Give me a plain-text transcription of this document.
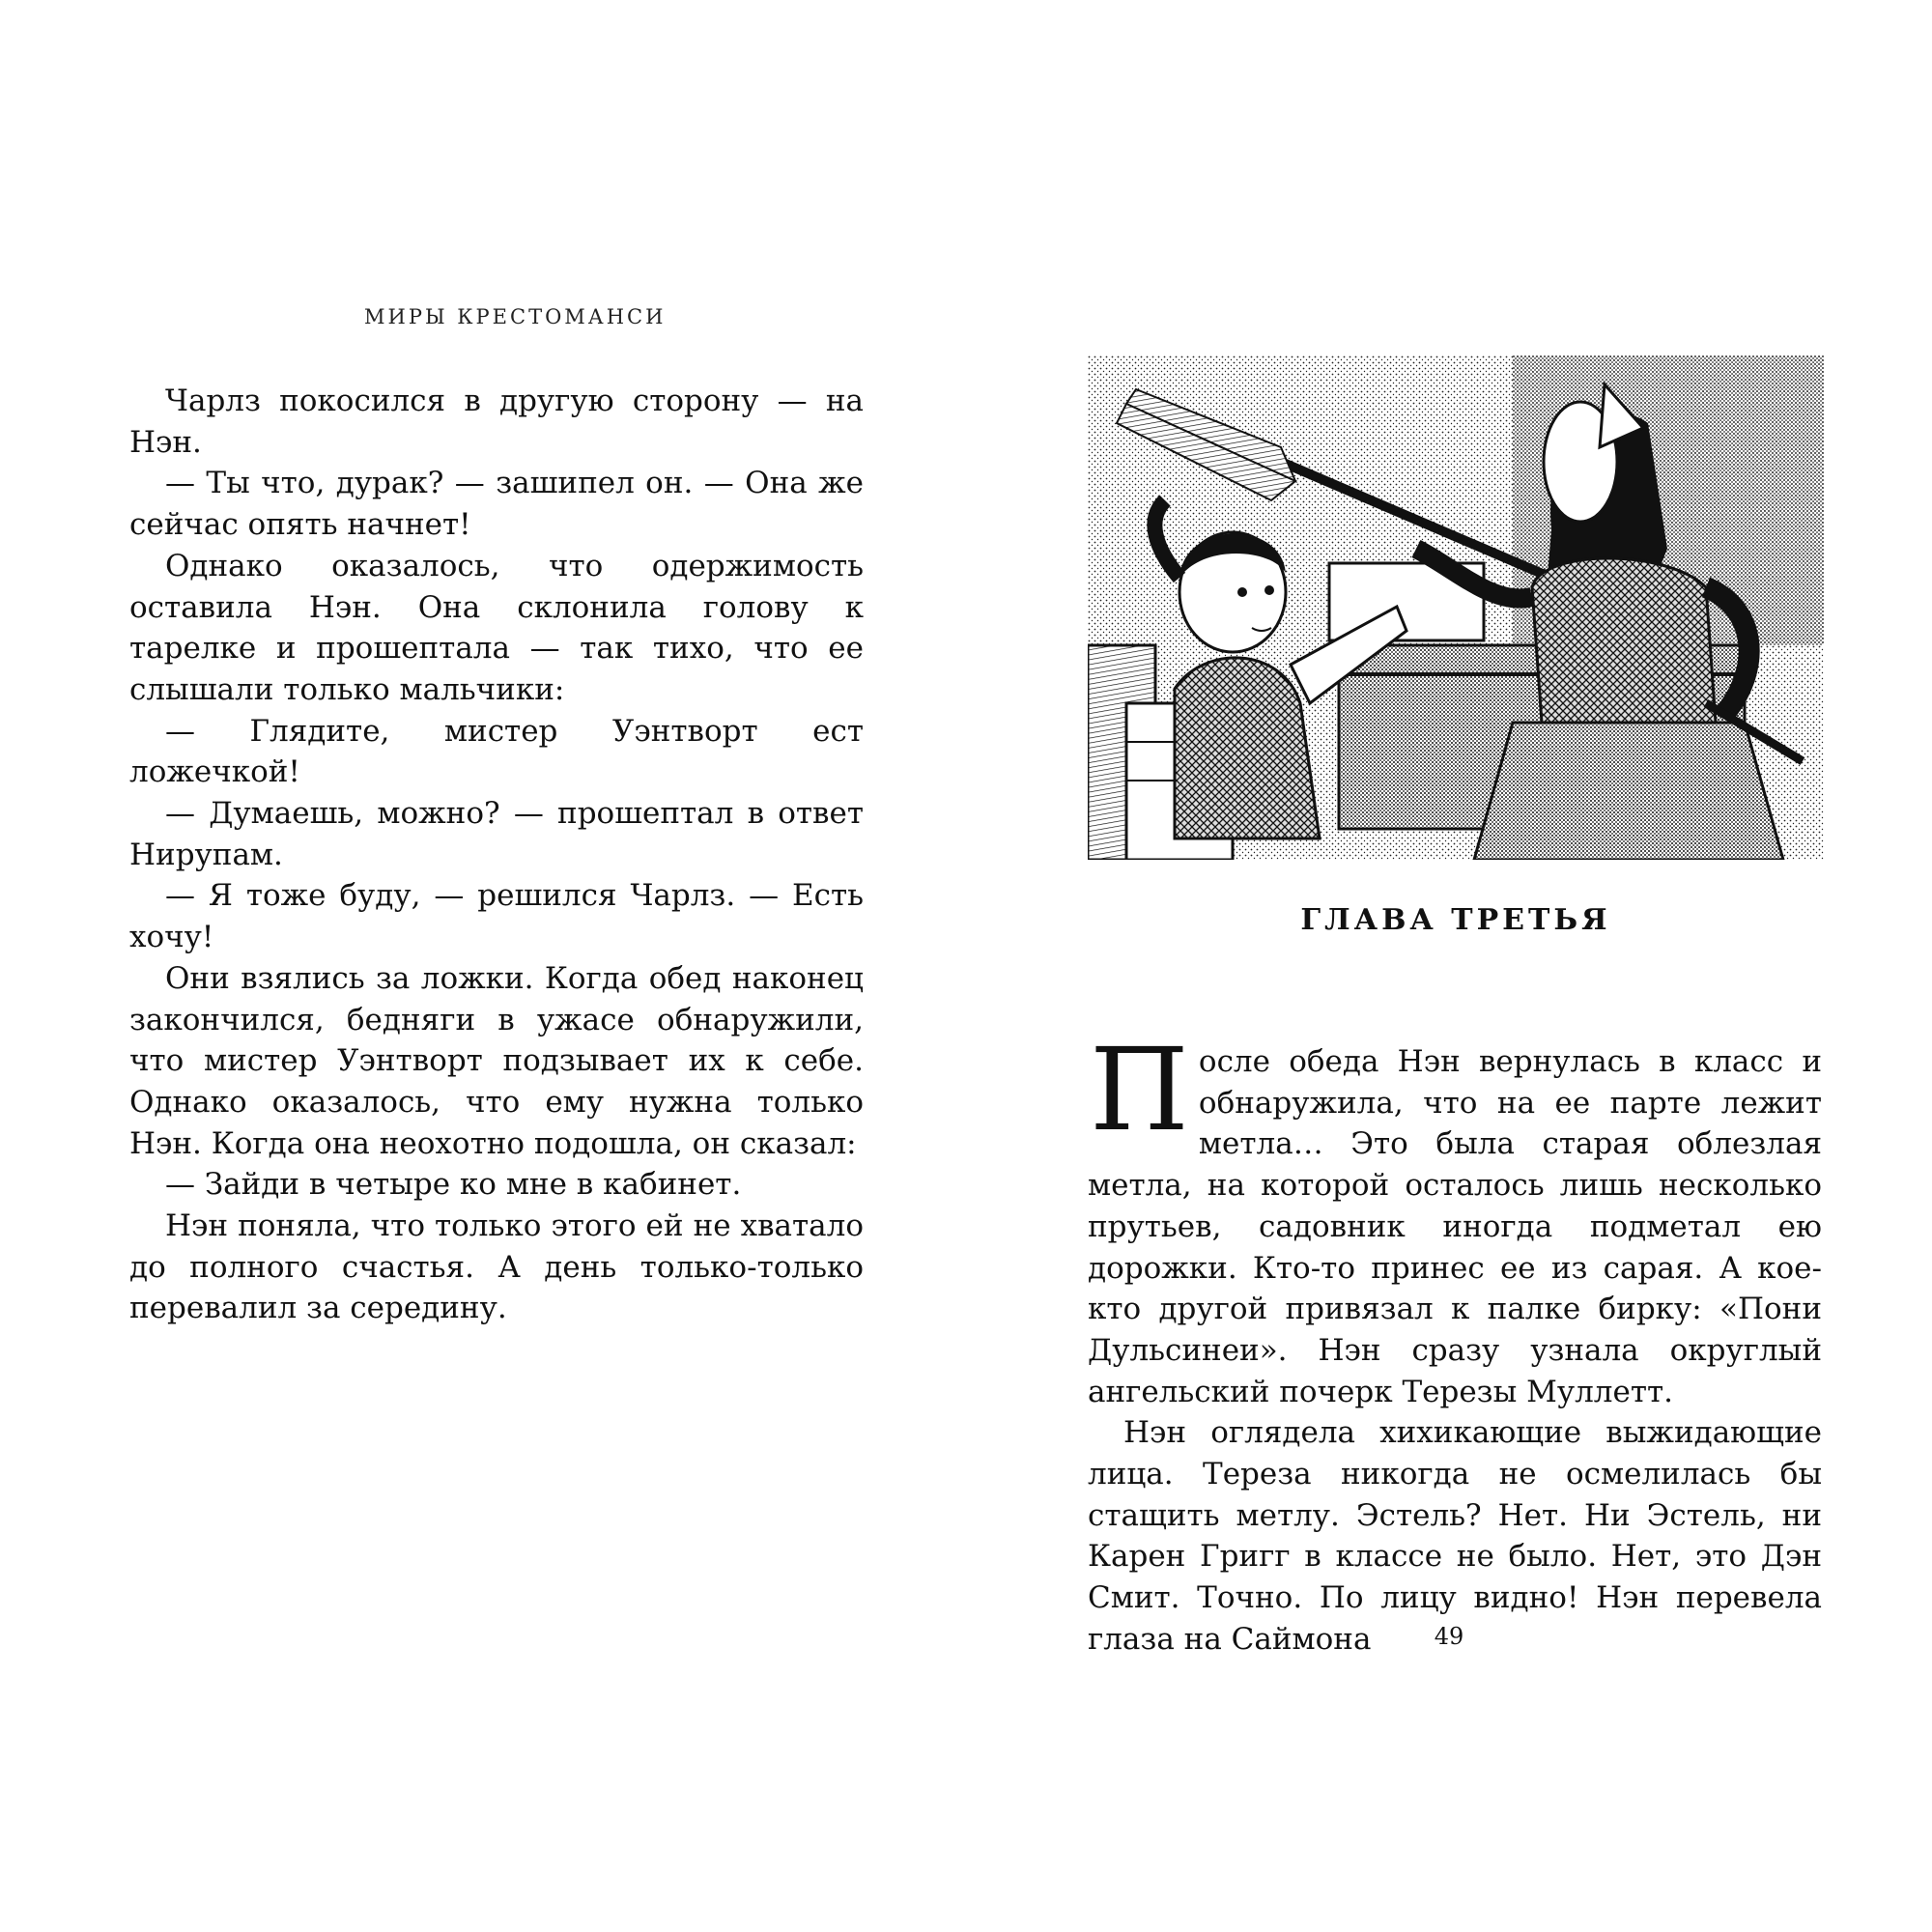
МИРЫ КРЕСТОМАНСИ

Чарлз покосился в другую сторону — на Нэн.

— Ты что, дурак? — зашипел он. — Она же сейчас опять начнет!

Однако оказалось, что одержимость оставила Нэн. Она склонила голову к тарелке и прошептала — так тихо, что ее слышали только мальчики:

— Глядите, мистер Уэнтворт ест ложечкой!

— Думаешь, можно? — прошептал в ответ Нирупам.

— Я тоже буду, — решился Чарлз. — Есть хочу!

Они взялись за ложки. Когда обед наконец закончился, бедняги в ужасе обнаружили, что мистер Уэнтворт подзывает их к себе. Однако оказалось, что ему нужна только Нэн. Когда она неохотно подошла, он сказал:

— Зайди в четыре ко мне в кабинет.

Нэн поняла, что только этого ей не хватало до полного счастья. А день только-только перевалил за середину.

ГЛАВА ТРЕТЬЯ

После обеда Нэн вернулась в класс и обнаружила, что на ее парте лежит метла… Это была старая облезлая метла, на которой осталось лишь несколько прутьев, садовник иногда подметал ею дорожки. Кто-то принес ее из сарая. А кое-кто другой привязал к палке бирку: «Пони Дульсинеи». Нэн сразу узнала округлый ангельский почерк Терезы Муллетт.

Нэн оглядела хихикающие выжидающие лица. Тереза никогда не осмелилась бы стащить метлу. Эстель? Нет. Ни Эстель, ни Карен Григг в классе не было. Нет, это Дэн Смит. Точно. По лицу видно! Нэн перевела глаза на Саймона	49
